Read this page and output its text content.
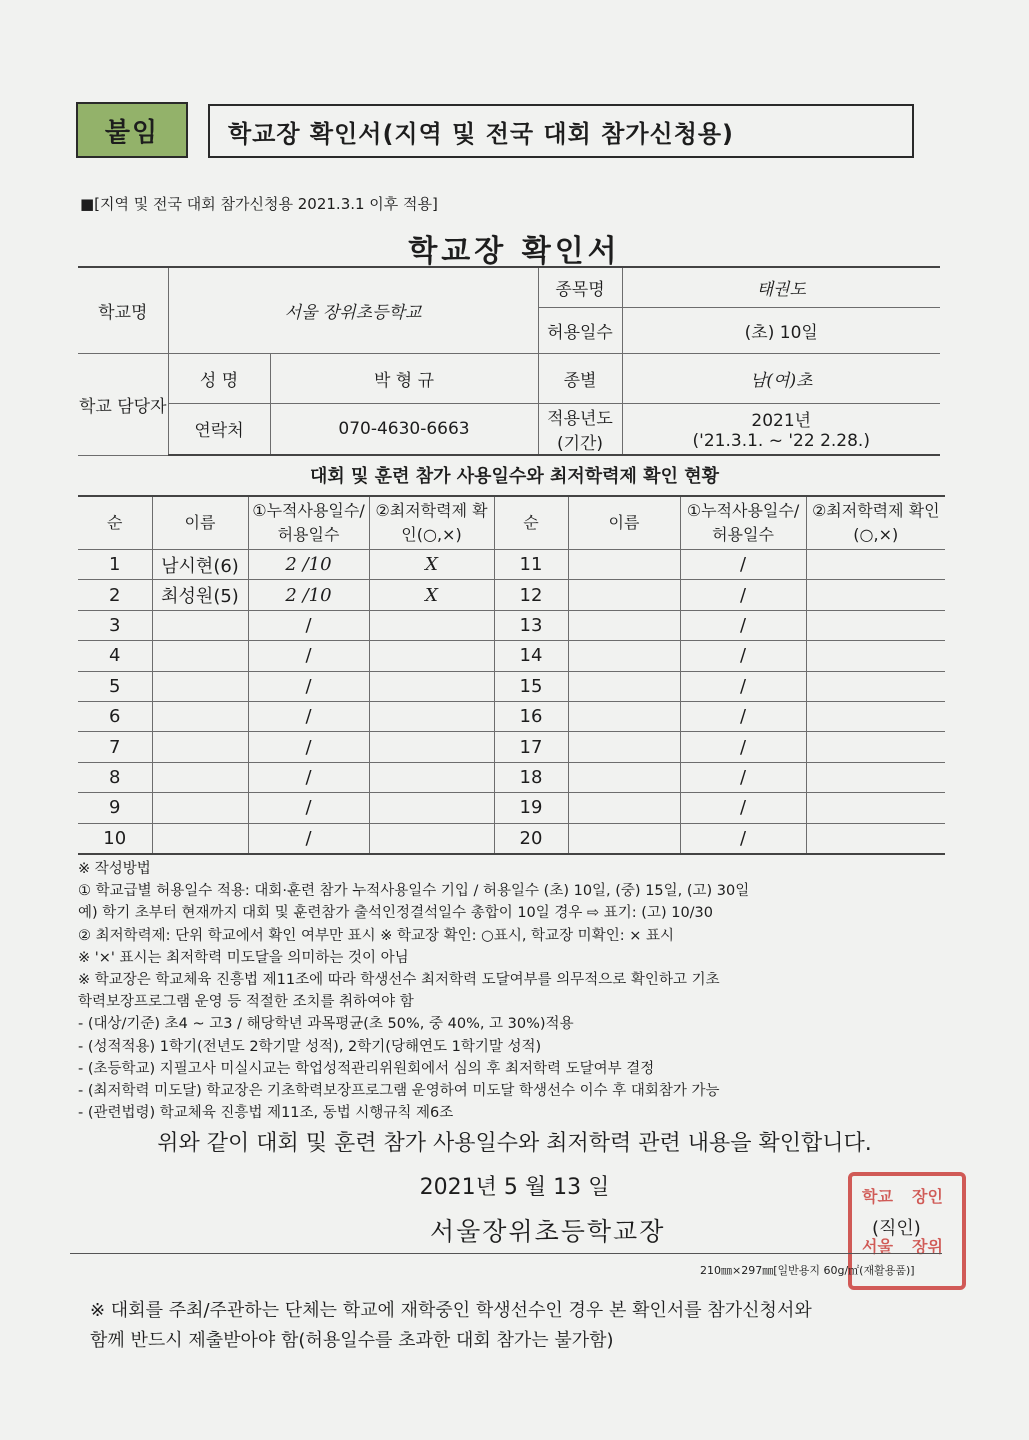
붙임	학교장 확인서(지역 및 전국 대회 참가신청용)
■[지역 및 전국 대회 참가신청용 2021.3.1 이후 적용]
학교장 확인서
학교명	서울 장위초등학교		종목명	태권도
			허용일수	(초) 10일
학교 담당자	성 명	박 형 규	종별	남(여)초
	연락처	070-4630-6663	적용년도 (기간)	2021년
('21.3.1. ~ '22 2.28.)
대회 및 훈련 참가 사용일수와 최저학력제 확인 현황
순	이름	①누적사용일수/허용일수	②최저학력제 확인(○,×)	순	이름	①누적사용일수/허용일수	②최저학력제 확인(○,×)
1	남시현(6)	2 /10	X	11		/	
2	최성원(5)	2 /10	X	12		/	
3		/		13		/	
4		/		14		/	
5		/		15		/	
6		/		16		/	
7		/		17		/	
8		/		18		/	
9		/		19		/	
10		/		20		/	
※ 작성방법
① 학교급별 허용일수 적용: 대회·훈련 참가 누적사용일수 기입 / 허용일수 (초) 10일, (중) 15일, (고) 30일
예) 학기 초부터 현재까지 대회 및 훈련참가 출석인정결석일수 총합이 10일 경우 ⇨ 표기: (고) 10/30
② 최저학력제: 단위 학교에서 확인 여부만 표시 ※ 학교장 확인: ○표시, 학교장 미확인: × 표시
※ '×' 표시는 최저학력 미도달을 의미하는 것이 아님
※ 학교장은 학교체육 진흥법 제11조에 따라 학생선수 최저학력 도달여부를 의무적으로 확인하고 기초
학력보장프로그램 운영 등 적절한 조치를 취하여야 함
- (대상/기준) 초4 ~ 고3 / 해당학년 과목평균(초 50%, 중 40%, 고 30%)적용
- (성적적용) 1학기(전년도 2학기말 성적), 2학기(당해연도 1학기말 성적)
- (초등학교) 지필고사 미실시교는 학업성적관리위원회에서 심의 후 최저학력 도달여부 결정
- (최저학력 미도달) 학교장은 기초학력보장프로그램 운영하여 미도달 학생선수 이수 후 대회참가 가능
- (관련법령) 학교체육 진흥법 제11조, 동법 시행규칙 제6조
위와 같이 대회 및 훈련 참가 사용일수와 최저학력 관련 내용을 확인합니다.
2021년 5 월 13 일
서울장위초등학교장
학교 장인
서울 장위
(직인)
210㎜×297㎜[일반용지 60g/㎡(재활용품)]
※ 대회를 주최/주관하는 단체는 학교에 재학중인 학생선수인 경우 본 확인서를 참가신청서와
함께 반드시 제출받아야 함(허용일수를 초과한 대회 참가는 불가함)
